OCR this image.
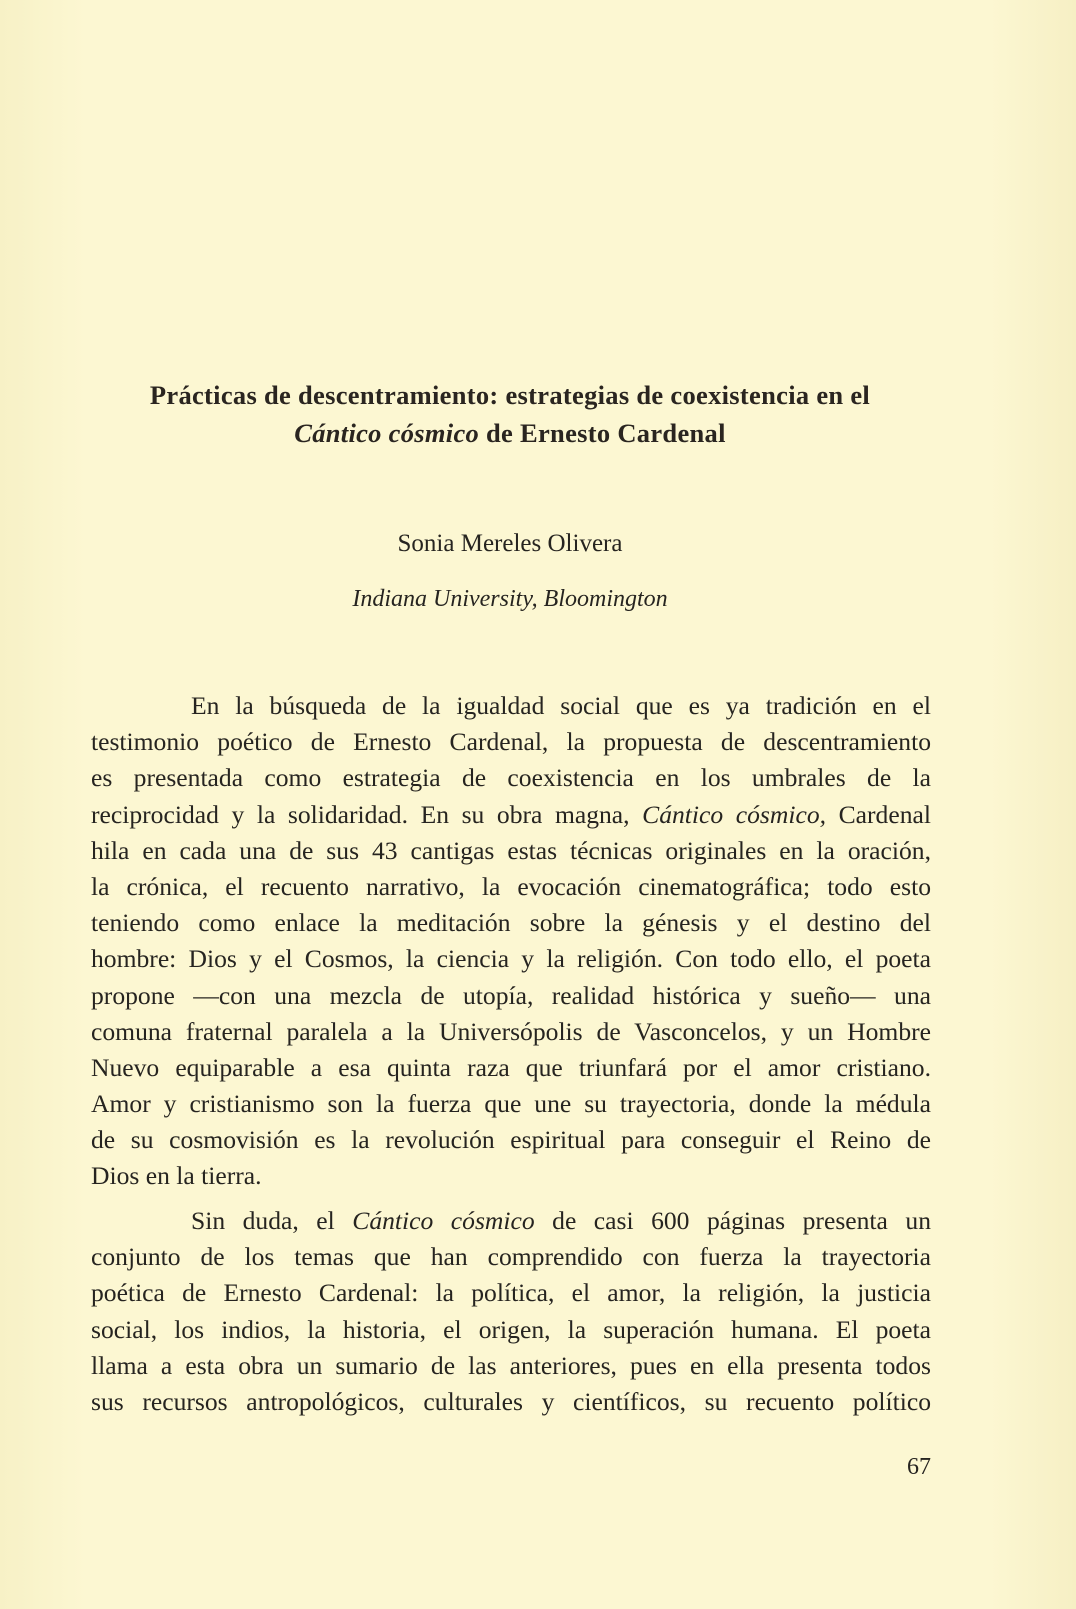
Prácticas de descentramiento: estrategias de coexistencia en el
Cántico cósmico de Ernesto Cardenal
Sonia Mereles Olivera
Indiana University, Bloomington
En la búsqueda de la igualdad social que es ya tradición en el
testimonio poético de Ernesto Cardenal, la propuesta de descentramiento
es presentada como estrategia de coexistencia en los umbrales de la
reciprocidad y la solidaridad. En su obra magna, Cántico cósmico, Cardenal
hila en cada una de sus 43 cantigas estas técnicas originales en la oración,
la crónica, el recuento narrativo, la evocación cinematográfica; todo esto
teniendo como enlace la meditación sobre la génesis y el destino del
hombre: Dios y el Cosmos, la ciencia y la religión. Con todo ello, el poeta
propone —con una mezcla de utopía, realidad histórica y sueño— una
comuna fraternal paralela a la Universópolis de Vasconcelos, y un Hombre
Nuevo equiparable a esa quinta raza que triunfará por el amor cristiano.
Amor y cristianismo son la fuerza que une su trayectoria, donde la médula
de su cosmovisión es la revolución espiritual para conseguir el Reino de
Dios en la tierra.
Sin duda, el Cántico cósmico de casi 600 páginas presenta un
conjunto de los temas que han comprendido con fuerza la trayectoria
poética de Ernesto Cardenal: la política, el amor, la religión, la justicia
social, los indios, la historia, el origen, la superación humana. El poeta
llama a esta obra un sumario de las anteriores, pues en ella presenta todos
sus recursos antropológicos, culturales y científicos, su recuento político
67
